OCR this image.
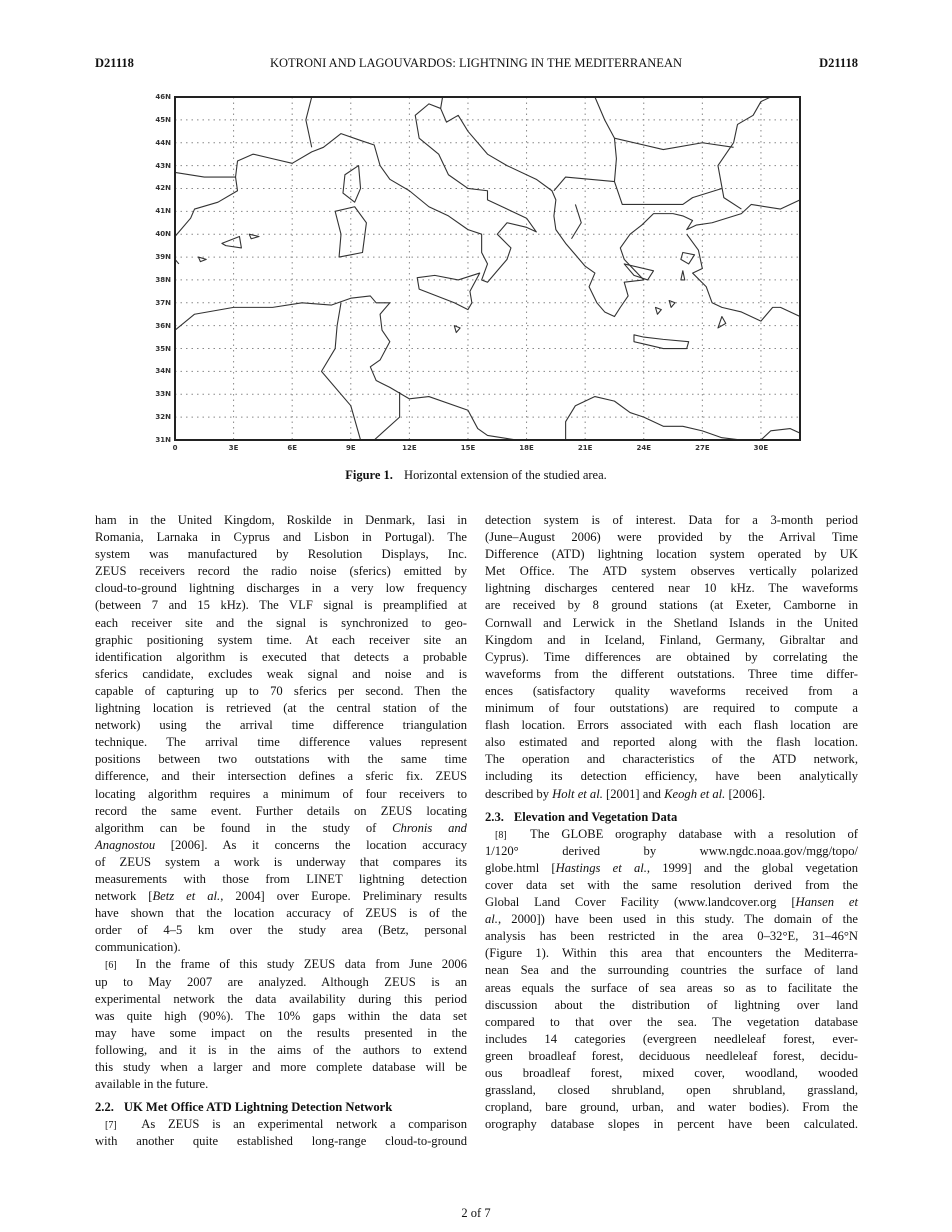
KOTRONI AND LAGOUVARDOS: LIGHTNING IN THE MEDITERRANEAN
D21118	D21118
31N
32N
33N
34N
35N
36N
37N
38N
39N
40N
41N
42N
43N
44N
45N
46N
0	3E	6E	9E	12E	15E	18E	21E	24E	27E	30E
Figure 1. Horizontal extension of the studied area.
ham in the United Kingdom, Roskilde in Denmark, Iasi in
Romania, Larnaka in Cyprus and Lisbon in Portugal). The
system was manufactured by Resolution Displays, Inc.
ZEUS receivers record the radio noise (sferics) emitted by
cloud-to-ground lightning discharges in a very low frequency
(between 7 and 15 kHz). The VLF signal is preamplified at
each receiver site and the signal is synchronized to geo-
graphic positioning system time. At each receiver site an
identification algorithm is executed that detects a probable
sferics candidate, excludes weak signal and noise and is
capable of capturing up to 70 sferics per second. Then the
lightning location is retrieved (at the central station of the
network) using the arrival time difference triangulation
technique. The arrival time difference values represent
positions between two outstations with the same time
difference, and their intersection defines a sferic fix. ZEUS
locating algorithm requires a minimum of four receivers to
record the same event. Further details on ZEUS locating
algorithm can be found in the study of Chronis and
Anagnostou [2006]. As it concerns the location accuracy
of ZEUS system a work is underway that compares its
measurements with those from LINET lightning detection
network [Betz et al., 2004] over Europe. Preliminary results
have shown that the location accuracy of ZEUS is of the
order of 4–5 km over the study area (Betz, personal
communication).
[6]  In the frame of this study ZEUS data from June 2006
up to May 2007 are analyzed. Although ZEUS is an
experimental network the data availability during this period
was quite high (90%). The 10% gaps within the data set
may have some impact on the results presented in the
following, and it is in the aims of the authors to extend
this study when a larger and more complete database will be
available in the future.
2.2. UK Met Office ATD Lightning Detection Network
[7]  As ZEUS is an experimental network a comparison
with another quite established long-range cloud-to-ground
detection system is of interest. Data for a 3-month period
(June–August 2006) were provided by the Arrival Time
Difference (ATD) lightning location system operated by UK
Met Office. The ATD system observes vertically polarized
lightning discharges centered near 10 kHz. The waveforms
are received by 8 ground stations (at Exeter, Camborne in
Cornwall and Lerwick in the Shetland Islands in the United
Kingdom and in Iceland, Finland, Germany, Gibraltar and
Cyprus). Time differences are obtained by correlating the
waveforms from the different outstations. Three time differ-
ences (satisfactory quality waveforms received from a
minimum of four outstations) are required to compute a
flash location. Errors associated with each flash location are
also estimated and reported along with the flash location.
The operation and characteristics of the ATD network,
including its detection efficiency, have been analytically
described by Holt et al. [2001] and Keogh et al. [2006].
2.3. Elevation and Vegetation Data
[8]  The GLOBE orography database with a resolution of
1/120° derived by www.ngdc.noaa.gov/mgg/topo/
globe.html [Hastings et al., 1999] and the global vegetation
cover data set with the same resolution derived from the
Global Land Cover Facility (www.landcover.org [Hansen et
al., 2000]) have been used in this study. The domain of the
analysis has been restricted in the area 0–32°E, 31–46°N
(Figure 1). Within this area that encounters the Mediterra-
nean Sea and the surrounding countries the surface of land
areas equals the surface of sea areas so as to facilitate the
discussion about the distribution of lightning over land
compared to that over the sea. The vegetation database
includes 14 categories (evergreen needleleaf forest, ever-
green broadleaf forest, deciduous needleleaf forest, decidu-
ous broadleaf forest, mixed cover, woodland, wooded
grassland, closed shrubland, open shrubland, grassland,
cropland, bare ground, urban, and water bodies). From the
orography database slopes in percent have been calculated.
2 of 7
